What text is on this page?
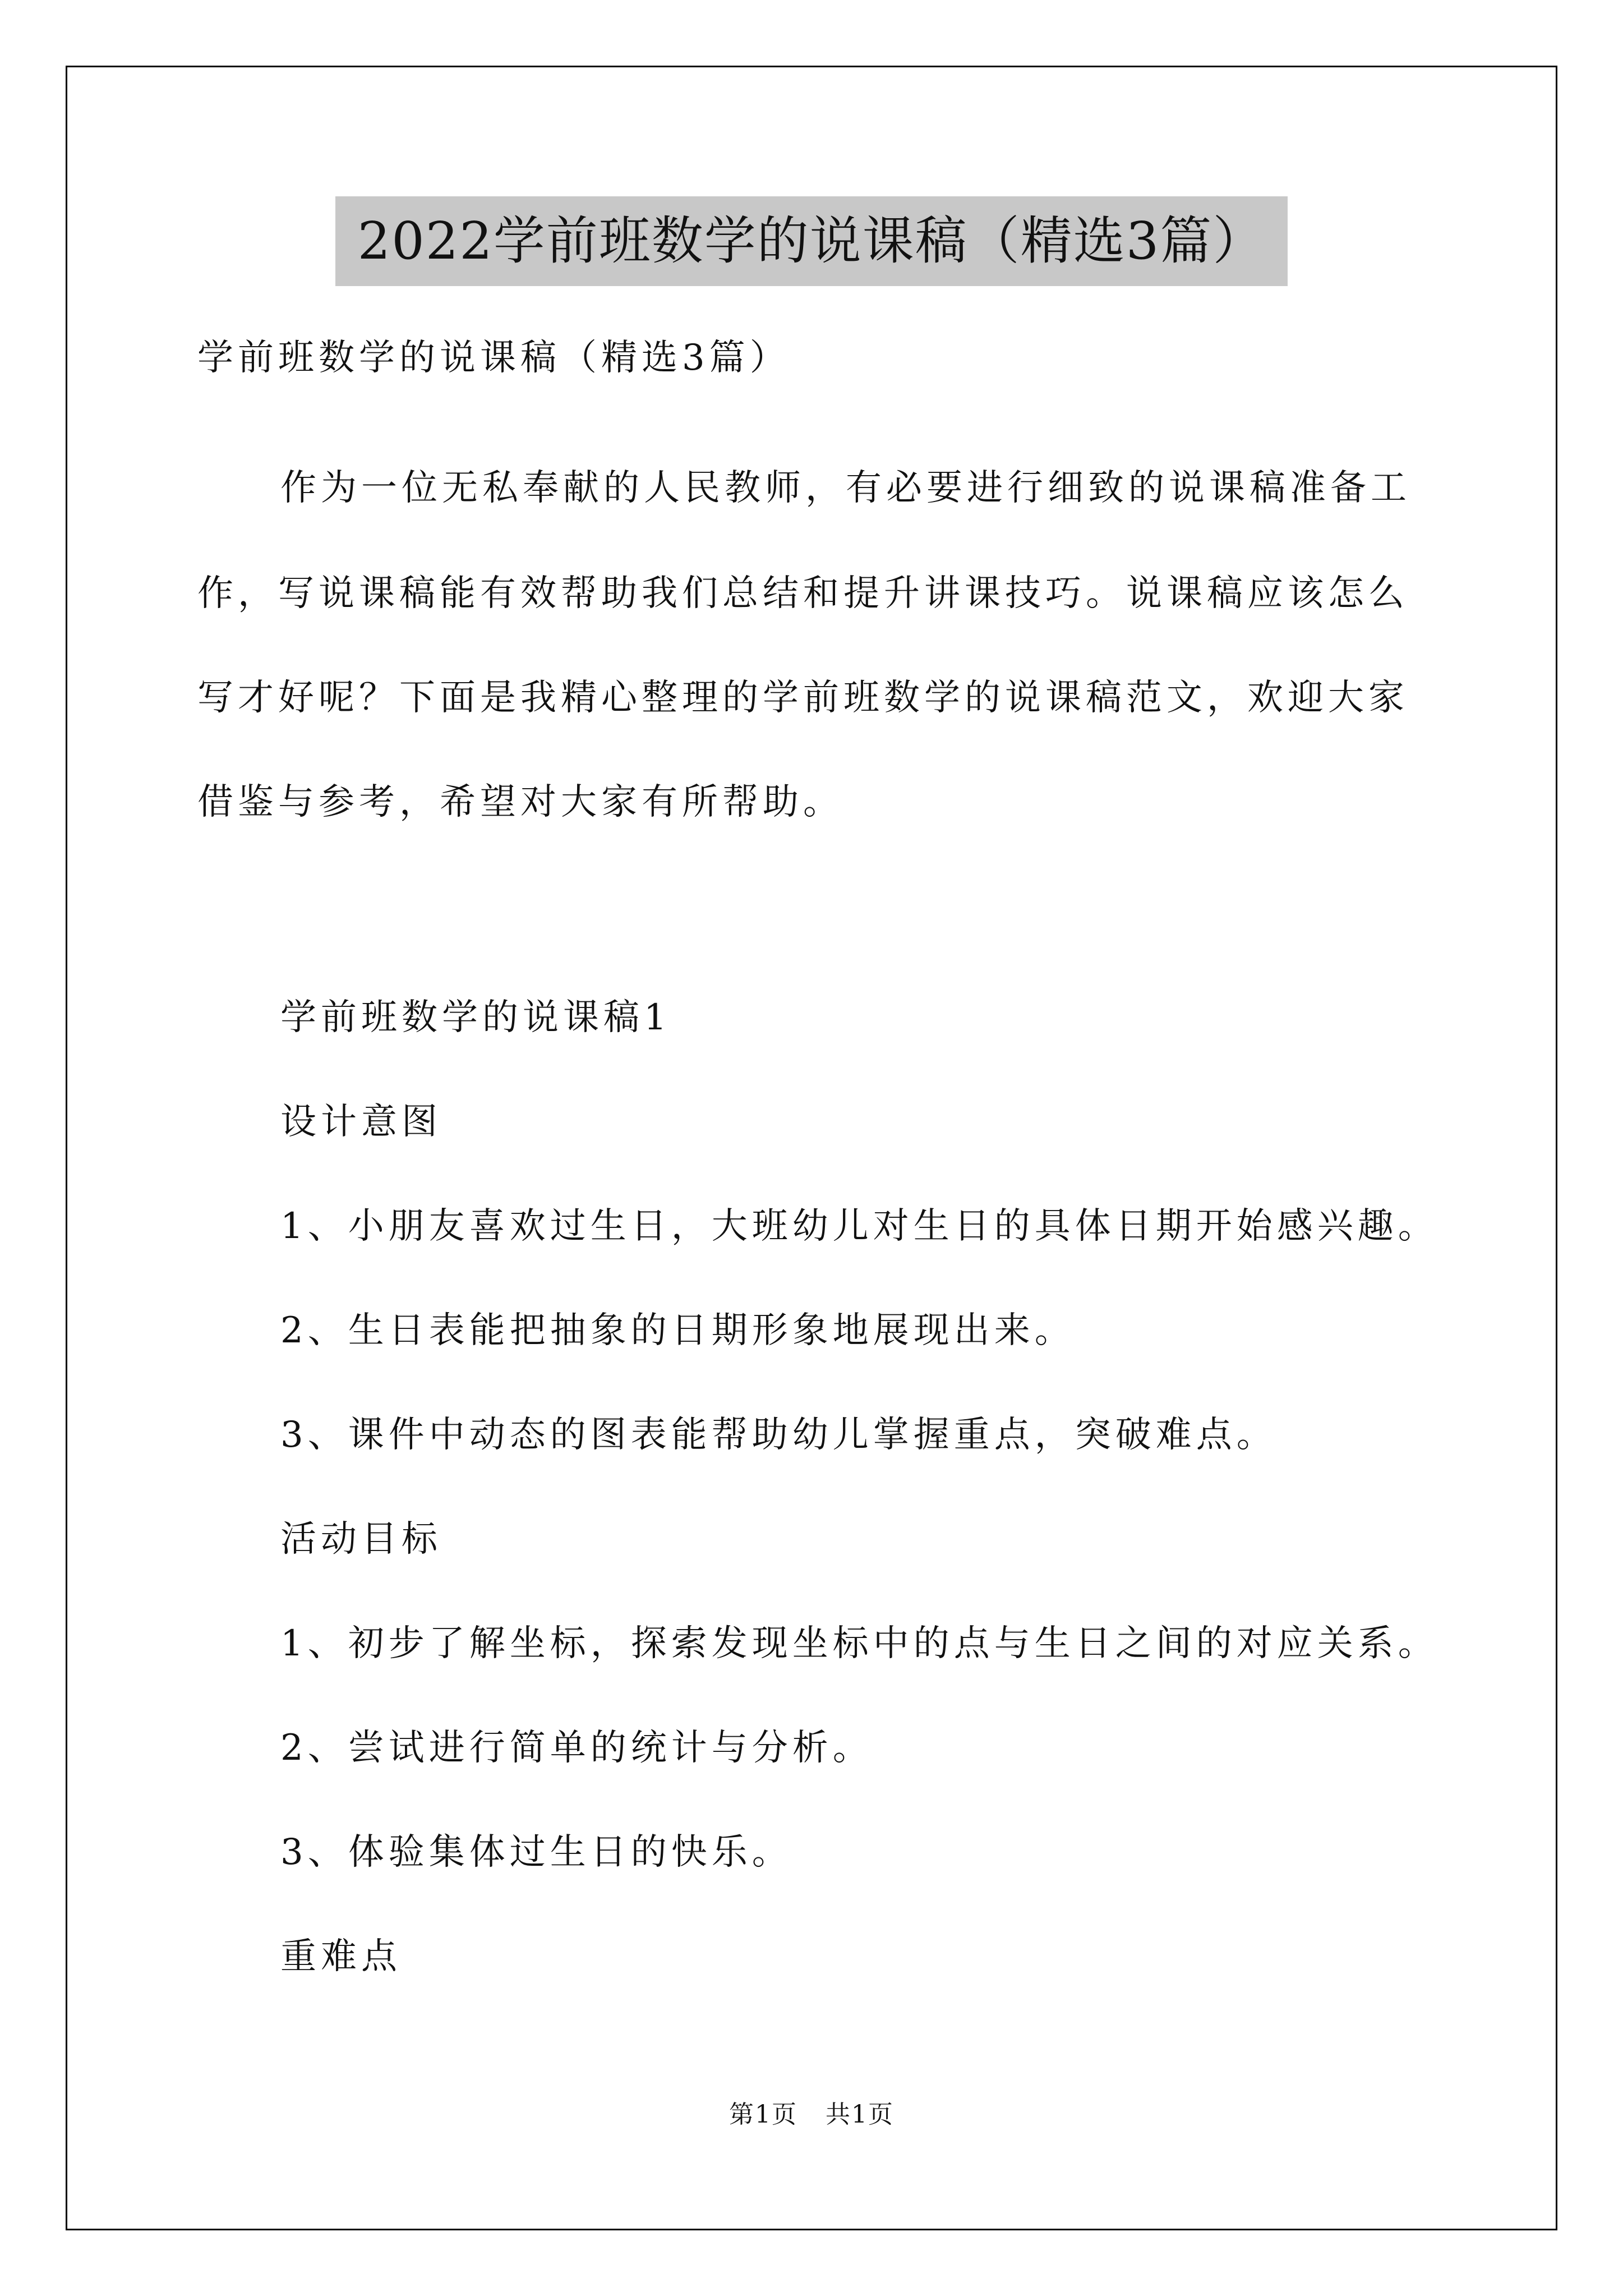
2022学前班数学的说课稿（精选3篇）
学前班数学的说课稿（精选3篇）
作为一位无私奉献的人民教师，有必要进行细致的说课稿准备工
作，写说课稿能有效帮助我们总结和提升讲课技巧。说课稿应该怎么
写才好呢？下面是我精心整理的学前班数学的说课稿范文，欢迎大家
借鉴与参考，希望对大家有所帮助。
学前班数学的说课稿1
设计意图
1、小朋友喜欢过生日，大班幼儿对生日的具体日期开始感兴趣。
2、生日表能把抽象的日期形象地展现出来。
3、课件中动态的图表能帮助幼儿掌握重点，突破难点。
活动目标
1、初步了解坐标，探索发现坐标中的点与生日之间的对应关系。
2、尝试进行简单的统计与分析。
3、体验集体过生日的快乐。
重难点
第1页 共1页
